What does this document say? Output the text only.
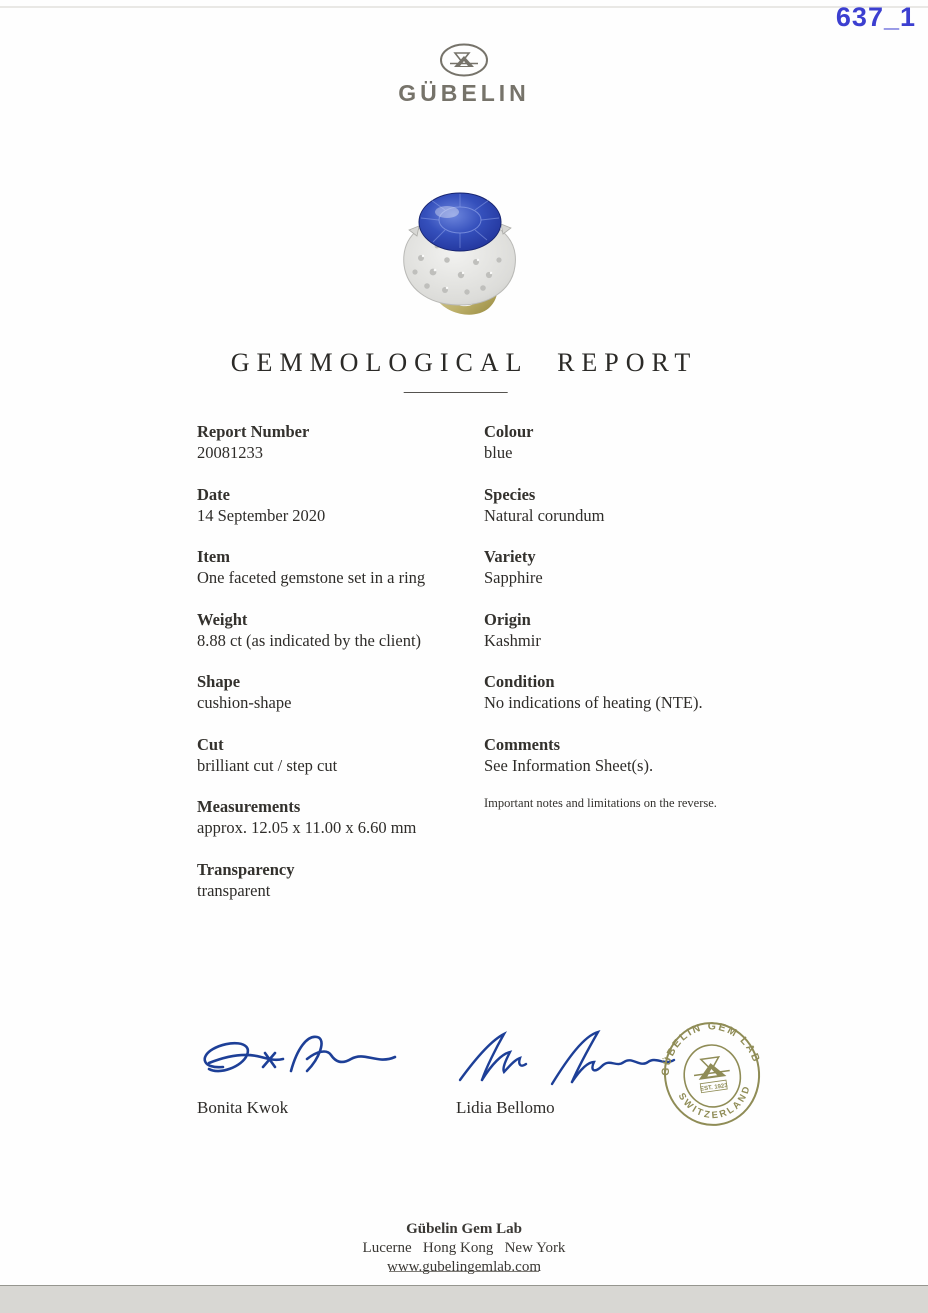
637_1
GÜBELIN
GEMMOLOGICAL REPORT
Report Number
20081233
Date
14 September 2020
Item
One faceted gemstone set in a ring
Weight
8.88 ct (as indicated by the client)
Shape
cushion-shape
Cut
brilliant cut / step cut
Measurements
approx. 12.05 x 11.00 x 6.60 mm
Transparency
transparent
Colour
blue
Species
Natural corundum
Variety
Sapphire
Origin
Kashmir
Condition
No indications of heating (NTE).
Comments
See Information Sheet(s).
Important notes and limitations on the reverse.
Bonita Kwok	Lidia Bellomo
GÜBELIN GEM LAB
SWITZERLAND
EST. 1923
Gübelin Gem Lab
Lucerne   Hong Kong   New York
www.gubelingemlab.com
